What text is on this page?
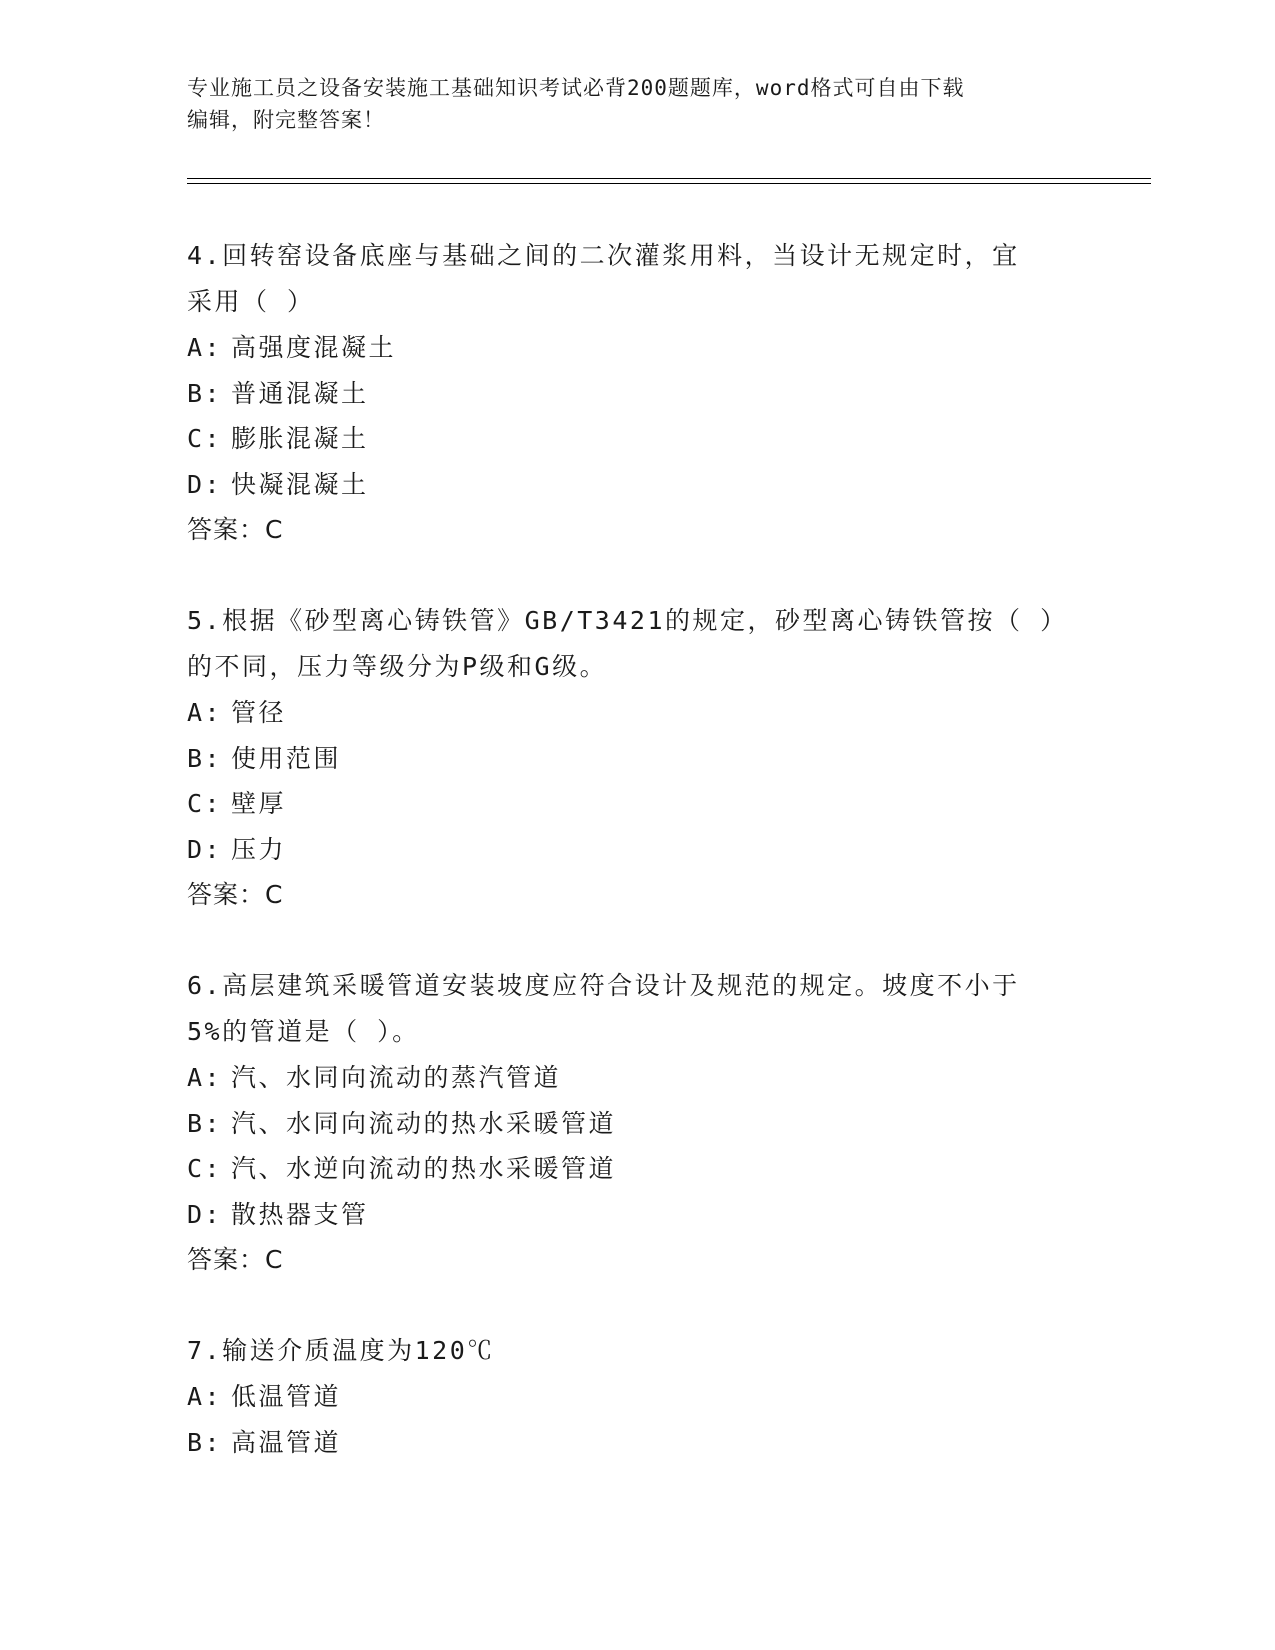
专业施工员之设备安装施工基础知识考试必背200题题库，word格式可自由下载
编辑，附完整答案！
4.回转窑设备底座与基础之间的二次灌浆用料，当设计无规定时，宜
采用（ ）
A: 高强度混凝土
B: 普通混凝土
C: 膨胀混凝土
D: 快凝混凝土
答案：C
5.根据《砂型离心铸铁管》GB/T3421的规定，砂型离心铸铁管按（ ）
的不同，压力等级分为P级和G级。
A: 管径
B: 使用范围
C: 壁厚
D: 压力
答案：C
6.高层建筑采暖管道安装坡度应符合设计及规范的规定。坡度不小于
5%的管道是（ ）。
A: 汽、水同向流动的蒸汽管道
B: 汽、水同向流动的热水采暖管道
C: 汽、水逆向流动的热水采暖管道
D: 散热器支管
答案：C
7.输送介质温度为120℃
A: 低温管道
B: 高温管道
